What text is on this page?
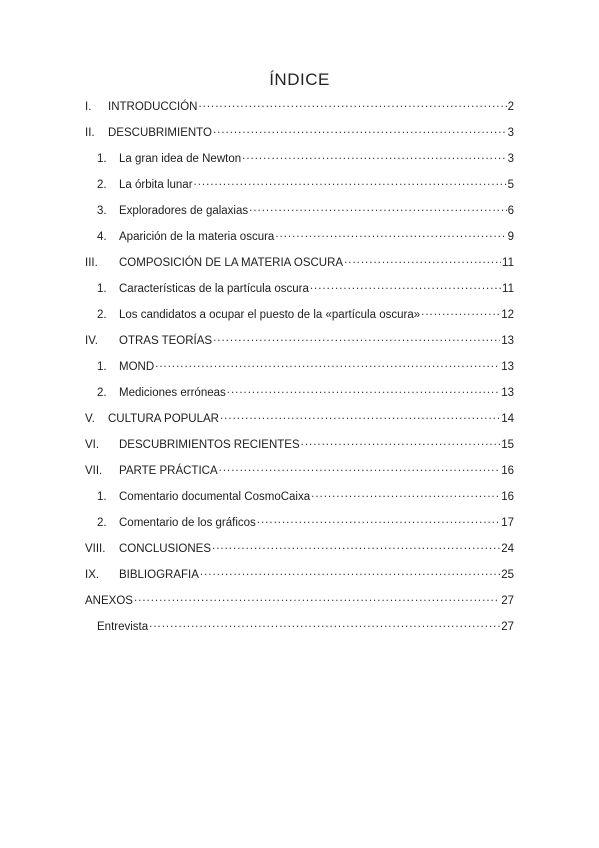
ÍNDICE
I.	INTRODUCCIÓN .....	2
II.	DESCUBRIMIENTO .....	3
1.	La gran idea de Newton .....	3
2.	La órbita lunar .....	5
3.	Exploradores de galaxias .....	6
4.	Aparición de la materia oscura .....	9
III.	COMPOSICIÓN DE LA MATERIA OSCURA .....	11
1.	Características de la partícula oscura .....	11
2.	Los candidatos a ocupar el puesto de la «partícula oscura» .....	12
IV.	OTRAS TEORÍAS .....	13
1.	MOND .....	13
2.	Mediciones erróneas .....	13
V.	CULTURA POPULAR .....	14
VI.	DESCUBRIMIENTOS RECIENTES .....	15
VII.	PARTE PRÁCTICA .....	16
1.	Comentario documental CosmoCaixa .....	16
2.	Comentario de los gráficos .....	17
VIII.	CONCLUSIONES .....	24
IX.	BIBLIOGRAFIA .....	25
ANEXOS .....	27
Entrevista .....	27
